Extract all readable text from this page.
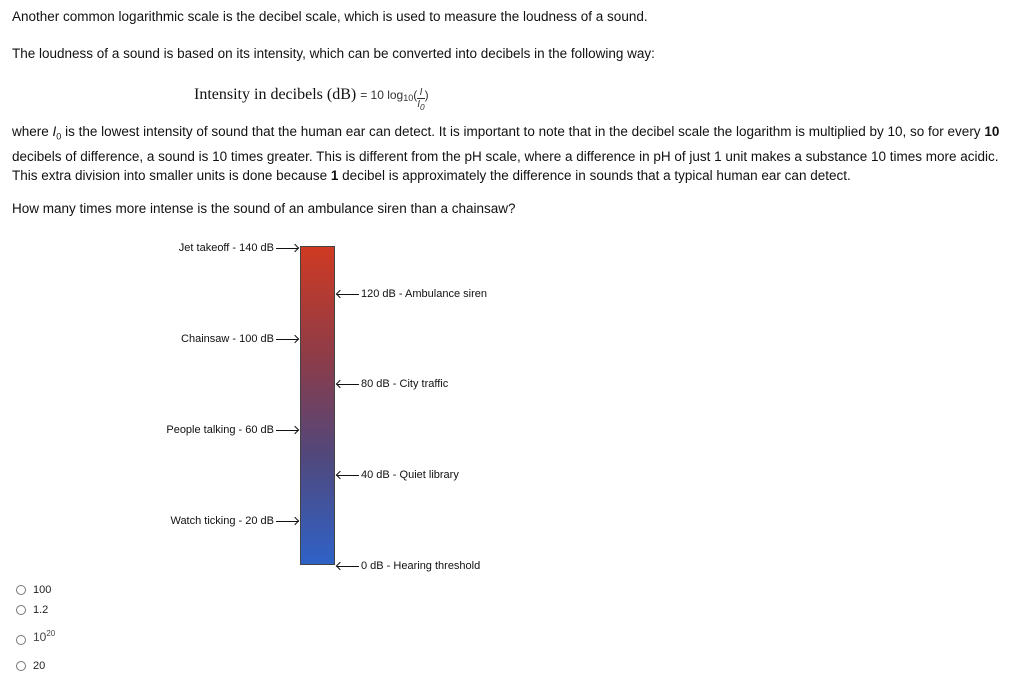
Another common logarithmic scale is the decibel scale, which is used to measure the loudness of a sound.

The loudness of a sound is based on its intensity, which can be converted into decibels in the following way:

Intensity in decibels (dB) = 10 $\log_{10}( \frac{I}{I_0}$ )

where $I_0$ is the lowest intensity of sound that the human ear can detect. It is important to note that in the decibel scale the logarithm is multiplied by 10, so for every 10 decibels of difference, a sound is 10 times greater. This is different from the pH scale, where a difference in pH of just 1 unit makes a substance 10 times more acidic. This extra division into smaller units is done because 1 decibel is approximately the difference in sounds that a typical human ear can detect.

How many times more intense is the sound of an ambulance siren than a chainsaw?

Jet takeoff - 140 dB
Chainsaw - 100 dB
People talking - 60 dB
Watch ticking - 20 dB
120 dB - Ambulance siren
80 dB - City traffic
40 dB - Quiet library
0 dB - Hearing threshold
100
1.2
$10^{20}$
20
